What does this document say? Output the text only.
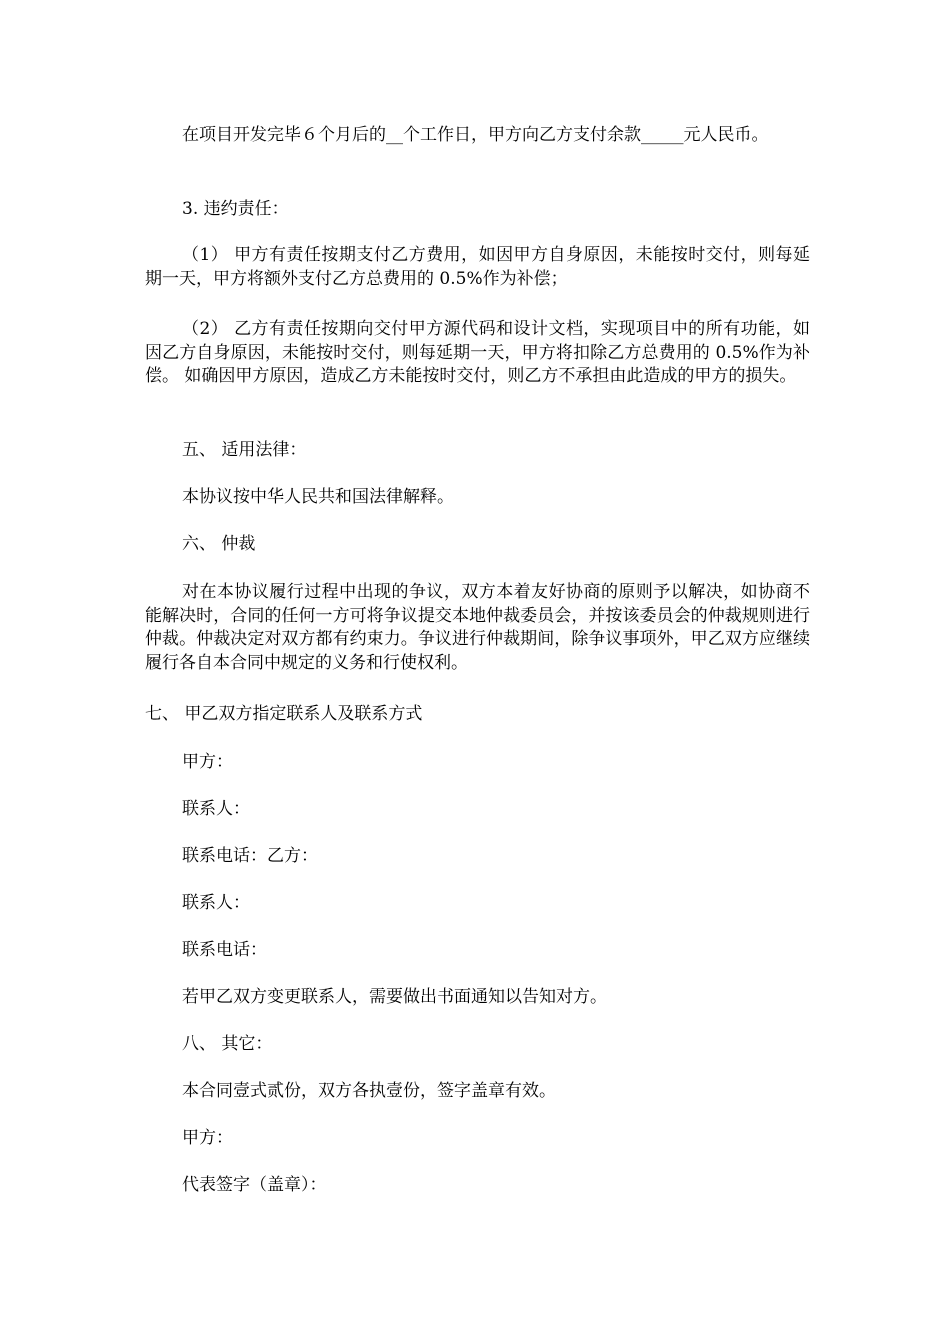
在项目开发完毕６个月后的__个工作日，甲方向乙方支付余款_____元人民币。

3. 违约责任：

（1） 甲方有责任按期支付乙方费用，如因甲方自身原因，未能按时交付，则每延期一天，甲方将额外支付乙方总费用的 0.5%作为补偿；

（2） 乙方有责任按期向交付甲方源代码和设计文档，实现项目中的所有功能，如因乙方自身原因，未能按时交付，则每延期一天，甲方将扣除乙方总费用的 0.5%作为补偿。 如确因甲方原因，造成乙方未能按时交付，则乙方不承担由此造成的甲方的损失。

五、 适用法律：

本协议按中华人民共和国法律解释。

六、 仲裁

对在本协议履行过程中出现的争议，双方本着友好协商的原则予以解决，如协商不能解决时，合同的任何一方可将争议提交本地仲裁委员会，并按该委员会的仲裁规则进行仲裁。仲裁决定对双方都有约束力。争议进行仲裁期间，除争议事项外，甲乙双方应继续履行各自本合同中规定的义务和行使权利。

七、 甲乙双方指定联系人及联系方式

甲方：

联系人：

联系电话：乙方：

联系人：

联系电话：

若甲乙双方变更联系人，需要做出书面通知以告知对方。

八、 其它：

本合同壹式贰份，双方各执壹份，签字盖章有效。

甲方：

代表签字（盖章）：
